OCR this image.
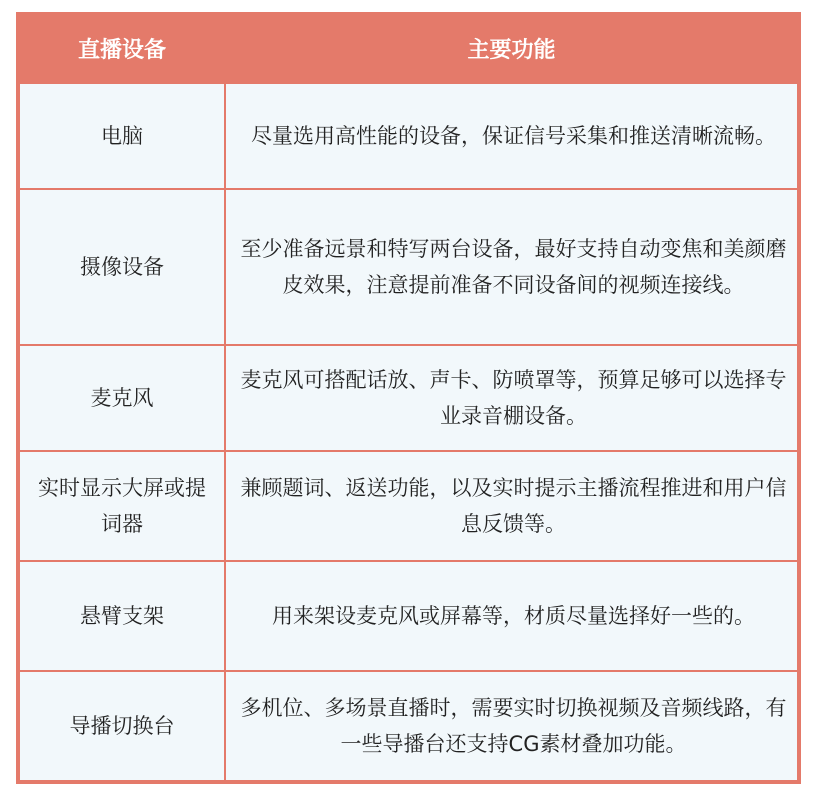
直播设备	主要功能
电脑	尽量选用高性能的设备，保证信号采集和推送清晰流畅。
摄像设备	至少准备远景和特写两台设备，最好支持自动变焦和美颜磨皮效果，注意提前准备不同设备间的视频连接线。
麦克风	麦克风可搭配话放、声卡、防喷罩等，预算足够可以选择专业录音棚设备。
实时显示大屏或提词器	兼顾题词、返送功能，以及实时提示主播流程推进和用户信息反馈等。
悬臂支架	用来架设麦克风或屏幕等，材质尽量选择好一些的。
导播切换台	多机位、多场景直播时，需要实时切换视频及音频线路，有一些导播台还支持CG素材叠加功能。
